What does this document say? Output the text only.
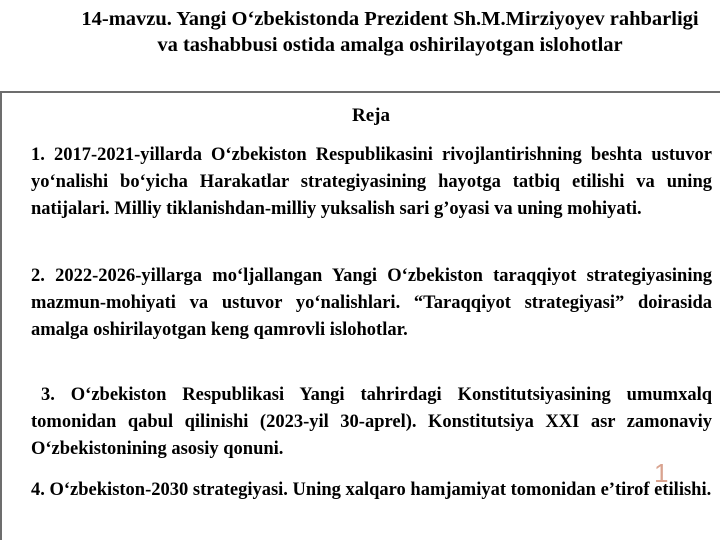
14-mavzu. Yangi O‘zbekistonda Prezident Sh.M.Mirziyoyev rahbarligi va tashabbusi ostida amalga oshirilayotgan islohotlar

Reja

1. 2017-2021-yillarda O‘zbekiston Respublikasini rivojlantirishning beshta ustuvor yo‘nalishi bo‘yicha Harakatlar strategiyasining hayotga tatbiq etilishi va uning natijalari. Milliy tiklanishdan-milliy yuksalish sari g’oyasi va uning mohiyati.

2. 2022-2026-yillarga mo‘ljallangan Yangi O‘zbekiston taraqqiyot strategiyasining mazmun-mohiyati va ustuvor yo‘nalishlari. “Taraqqiyot strategiyasi” doirasida amalga oshirilayotgan keng qamrovli islohotlar.

3. O‘zbekiston Respublikasi Yangi tahrirdagi Konstitutsiyasining umumxalq tomonidan qabul qilinishi (2023-yil 30-aprel). Konstitutsiya XXI asr zamonaviy O‘zbekistonining asosiy qonuni.

4. O‘zbekiston-2030 strategiyasi. Uning xalqaro hamjamiyat tomonidan e’tirof etilishi.

1
